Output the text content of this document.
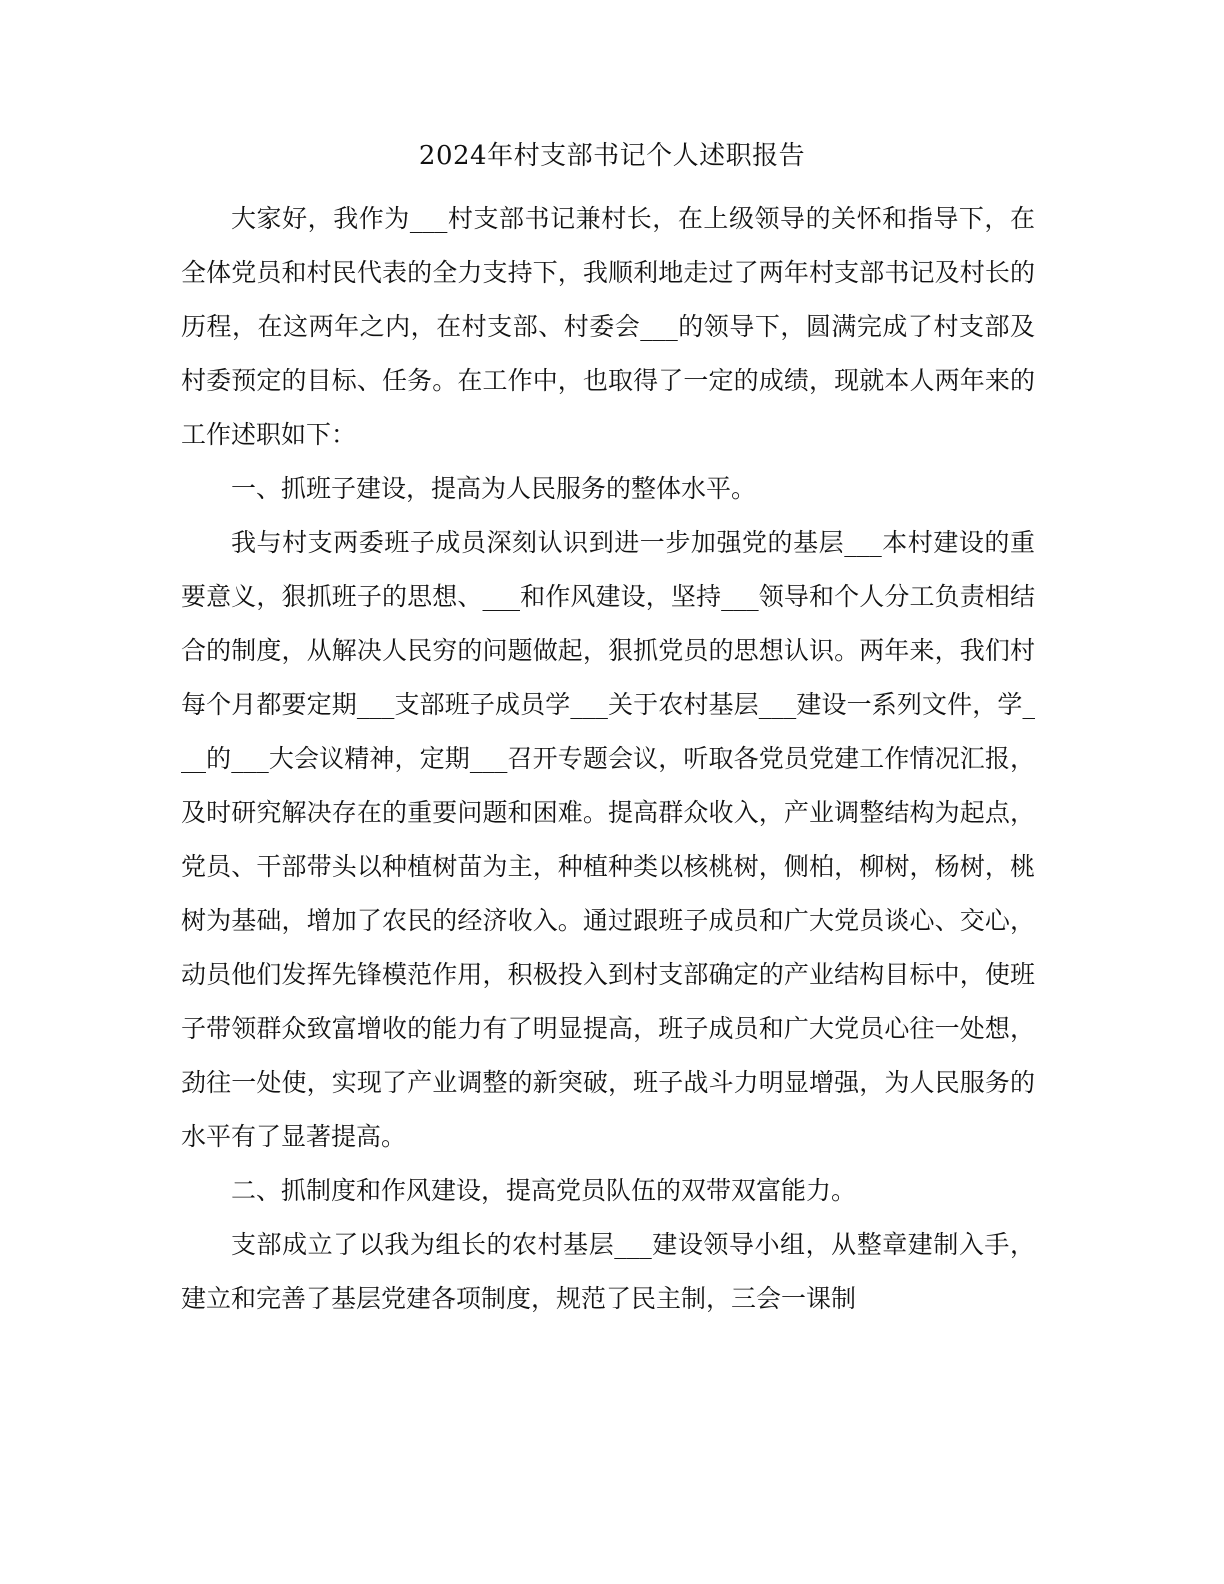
2024年村支部书记个人述职报告

大家好，我作为___村支部书记兼村长，在上级领导的关怀和指导下，在全体党员和村民代表的全力支持下，我顺利地走过了两年村支部书记及村长的历程，在这两年之内，在村支部、村委会___的领导下，圆满完成了村支部及村委预定的目标、任务。在工作中，也取得了一定的成绩，现就本人两年来的工作述职如下：

一、抓班子建设，提高为人民服务的整体水平。

我与村支两委班子成员深刻认识到进一步加强党的基层___本村建设的重要意义，狠抓班子的思想、___和作风建设，坚持___领导和个人分工负责相结合的制度，从解决人民穷的问题做起，狠抓党员的思想认识。两年来，我们村每个月都要定期___支部班子成员学___关于农村基层___建设一系列文件，学___的___大会议精神，定期___召开专题会议，听取各党员党建工作情况汇报，及时研究解决存在的重要问题和困难。提高群众收入，产业调整结构为起点，党员、干部带头以种植树苗为主，种植种类以核桃树，侧柏，柳树，杨树，桃树为基础，增加了农民的经济收入。通过跟班子成员和广大党员谈心、交心，动员他们发挥先锋模范作用，积极投入到村支部确定的产业结构目标中，使班子带领群众致富增收的能力有了明显提高，班子成员和广大党员心往一处想，劲往一处使，实现了产业调整的新突破，班子战斗力明显增强，为人民服务的水平有了显著提高。

二、抓制度和作风建设，提高党员队伍的双带双富能力。

支部成立了以我为组长的农村基层___建设领导小组，从整章建制入手，建立和完善了基层党建各项制度，规范了民主制，三会一课制
